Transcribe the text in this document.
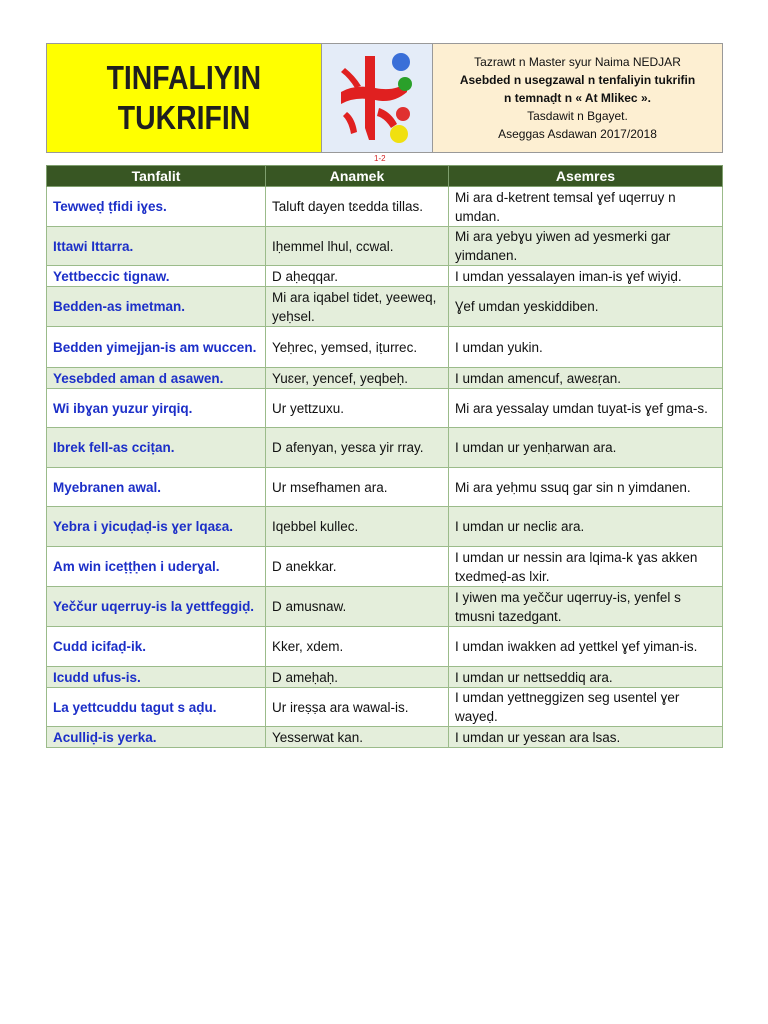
TINFALIYIN
TUKRIFIN
Tazrawt n Master syur Naima NEDJAR
Asebded n usegzawal n tenfaliyin tukrifin
n temnaḍt n « At Mlikec ».
Tasdawit n Bgayet.
Aseggas Asdawan 2017/2018
1-2
Tanfalit	Anamek	Asemres
Tewweḍ ṭfidi iɣes.	Taluft dayen tɛedda tillas.	Mi ara d-ketrent temsal ɣef uqerruy n umdan.
Ittawi Ittarra.	Iḥemmel lhul, ccwal.	Mi ara yebɣu yiwen ad yesmerki gar yimdanen.
Yettbeccic tignaw.	D aḥeqqar.	I umdan yessalayen iman-is ɣef wiyiḍ.
Bedden-as imetman.	Mi ara iqabel tidet, yeeweq, yeḥsel.	Ɣef umdan yeskiddiben.
Bedden yimejjan-is am wuccen.	Yeḥrec, yemsed, iṭurrec.	I umdan yukin.
Yesebded aman d asawen.	Yuɛer, yencef, yeqbeḥ.	I umdan amencuf, aweɛṛan.
Wi ibɣan yuzur yirqiq.	Ur yettzuxu.	Mi ara yessalay umdan tuyat-is ɣef gma-s.
Ibrek fell-as cciṭan.	D afenyan, yesɛa yir rray.	I umdan ur yenḥarwan ara.
Myebranen awal.	Ur msefhamen ara.	Mi ara yeḥmu ssuq gar sin n yimdanen.
Yebra i yicuḍaḍ-is ɣer lqaɛa.	Iqebbel kullec.	I umdan ur necliɛ ara.
Am win iceṭṭḥen i uderɣal.	D anekkar.	I umdan ur nessin ara lqima-k ɣas akken txedmeḍ-as lxir.
Yeččur uqerruy-is la yettfeggiḍ.	D amusnaw.	I yiwen ma yeččur uqerruy-is, yenfel s tmusni tazedgant.
Cudd icifaḍ-ik.	Kker, xdem.	I umdan iwakken ad yettkel ɣef yiman-is.
Icudd ufus-is.	D ameḥaḥ.	I umdan ur nettseddiq ara.
La yettcuddu tagut s aḍu.	Ur ireṣṣa ara wawal-is.	I umdan yettneggizen seg usentel ɣer wayeḍ.
Aculliḍ-is yerka.	Yesserwat kan.	I umdan ur yesɛan ara lsas.
